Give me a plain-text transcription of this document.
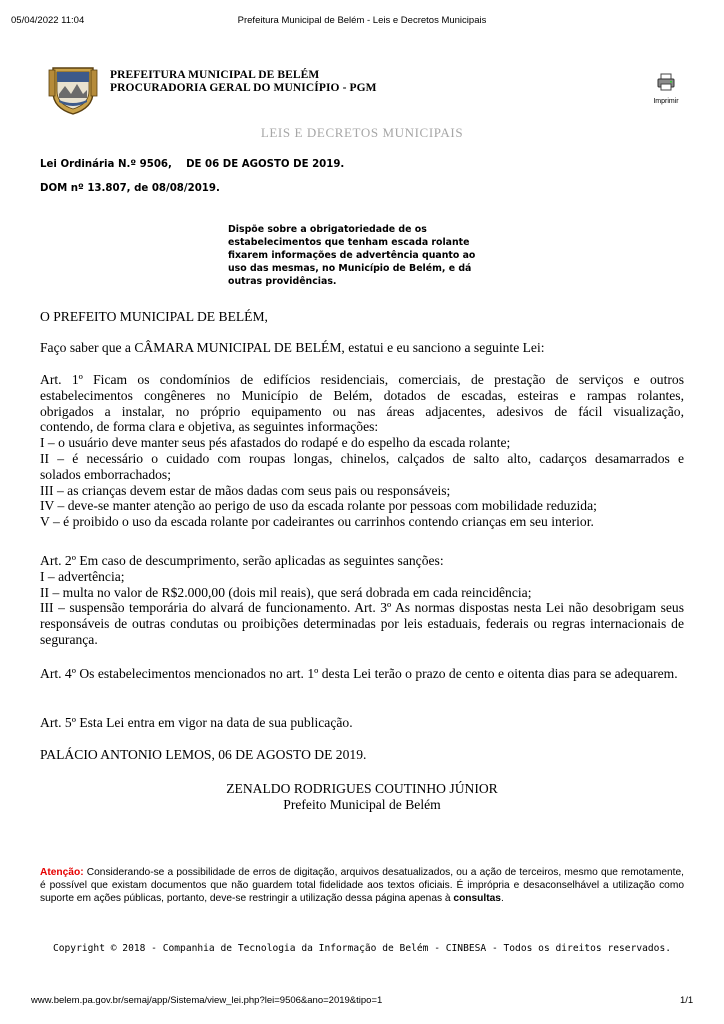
05/04/2022 11:04	Prefeitura Municipal de Belém - Leis e Decretos Municipais
PREFEITURA MUNICIPAL DE BELÉM
PROCURADORIA GERAL DO MUNICÍPIO - PGM
Imprimir
LEIS E DECRETOS MUNICIPAIS
Lei Ordinária N.º 9506,    DE 06 DE AGOSTO DE 2019.
DOM nº 13.807, de 08/08/2019.
Dispõe sobre a obrigatoriedade de os estabelecimentos que tenham escada rolante fixarem informações de advertência quanto ao uso das mesmas, no Município de Belém, e dá outras providências.
O PREFEITO MUNICIPAL DE BELÉM,
Faço saber que a CÂMARA MUNICIPAL DE BELÉM, estatui e eu sanciono a seguinte Lei:
Art. 1º Ficam os condomínios de edifícios residenciais, comerciais, de prestação de serviços e outros
estabelecimentos congêneres no Município de Belém, dotados de escadas, esteiras e rampas rolantes,
obrigados a instalar, no próprio equipamento ou nas áreas adjacentes, adesivos de fácil visualização,
contendo, de forma clara e objetiva, as seguintes informações:
I – o usuário deve manter seus pés afastados do rodapé e do espelho da escada rolante;
II – é necessário o cuidado com roupas longas, chinelos, calçados de salto alto, cadarços desamarrados e
solados emborrachados;
III – as crianças devem estar de mãos dadas com seus pais ou responsáveis;
IV – deve-se manter atenção ao perigo de uso da escada rolante por pessoas com mobilidade reduzida;
V – é proibido o uso da escada rolante por cadeirantes ou carrinhos contendo crianças em seu interior.
Art. 2º Em caso de descumprimento, serão aplicadas as seguintes sanções:
I – advertência;
II – multa no valor de R$2.000,00 (dois mil reais), que será dobrada em cada reincidência;
III – suspensão temporária do alvará de funcionamento. Art. 3º As normas dispostas nesta Lei não desobrigam seus responsáveis de outras condutas ou proibições determinadas por leis estaduais, federais ou regras internacionais de segurança.
Art. 4º Os estabelecimentos mencionados no art. 1º desta Lei terão o prazo de cento e oitenta dias para se adequarem.
Art. 5º Esta Lei entra em vigor na data de sua publicação.
PALÁCIO ANTONIO LEMOS, 06 DE AGOSTO DE 2019.
ZENALDO RODRIGUES COUTINHO JÚNIOR
Prefeito Municipal de Belém
Atenção: Considerando-se a possibilidade de erros de digitação, arquivos desatualizados, ou a ação de terceiros, mesmo que remotamente, é possível que existam documentos que não guardem total fidelidade aos textos oficiais. É imprópria e desaconselhável a utilização como suporte em ações públicas, portanto, deve-se restringir a utilização dessa página apenas à consultas.
Copyright © 2018 - Companhia de Tecnologia da Informação de Belém - CINBESA - Todos os direitos reservados.
www.belem.pa.gov.br/semaj/app/Sistema/view_lei.php?lei=9506&ano=2019&tipo=1	1/1
